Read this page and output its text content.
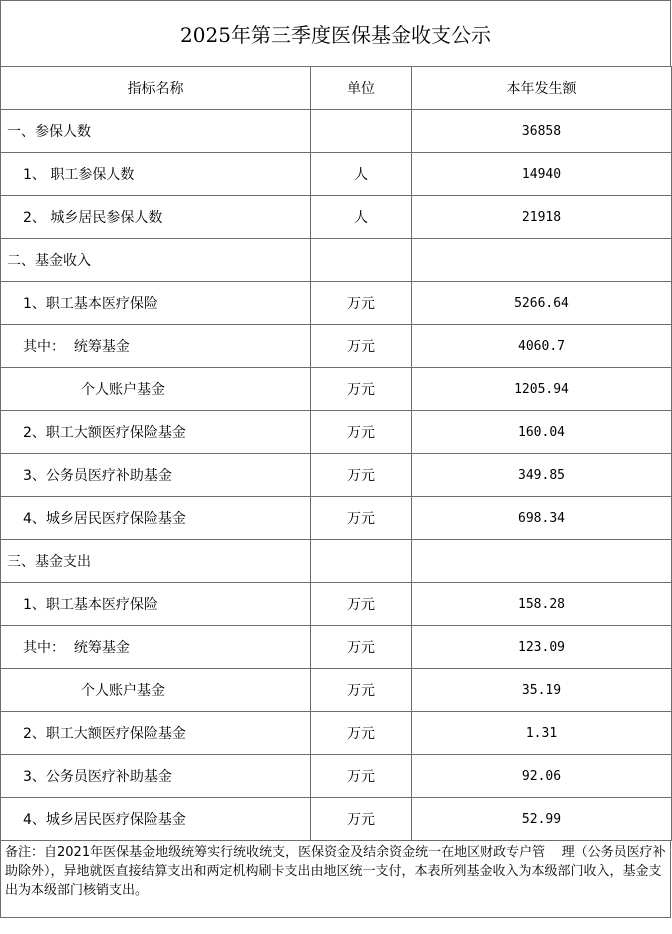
2025年第三季度医保基金收支公示
指标名称	单位	本年发生额
一、参保人数		36858
1、 职工参保人数	人	14940
2、 城乡居民参保人数	人	21918
二、基金收入		
1、职工基本医疗保险	万元	5266.64
其中：  统筹基金	万元	4060.7
个人账户基金	万元	1205.94
2、职工大额医疗保险基金	万元	160.04
3、公务员医疗补助基金	万元	349.85
4、城乡居民医疗保险基金	万元	698.34
三、基金支出		
1、职工基本医疗保险	万元	158.28
其中：  统筹基金	万元	123.09
个人账户基金	万元	35.19
2、职工大额医疗保险基金	万元	1.31
3、公务员医疗补助基金	万元	92.06
4、城乡居民医疗保险基金	万元	52.99
备注：自2021年医保基金地级统筹实行统收统支，医保资金及结余资金统一在地区财政专户管    理（公务员医疗补助除外），异地就医直接结算支出和两定机构刷卡支出由地区统一支付，本表所列基金收入为本级部门收入，基金支出为本级部门核销支出。
